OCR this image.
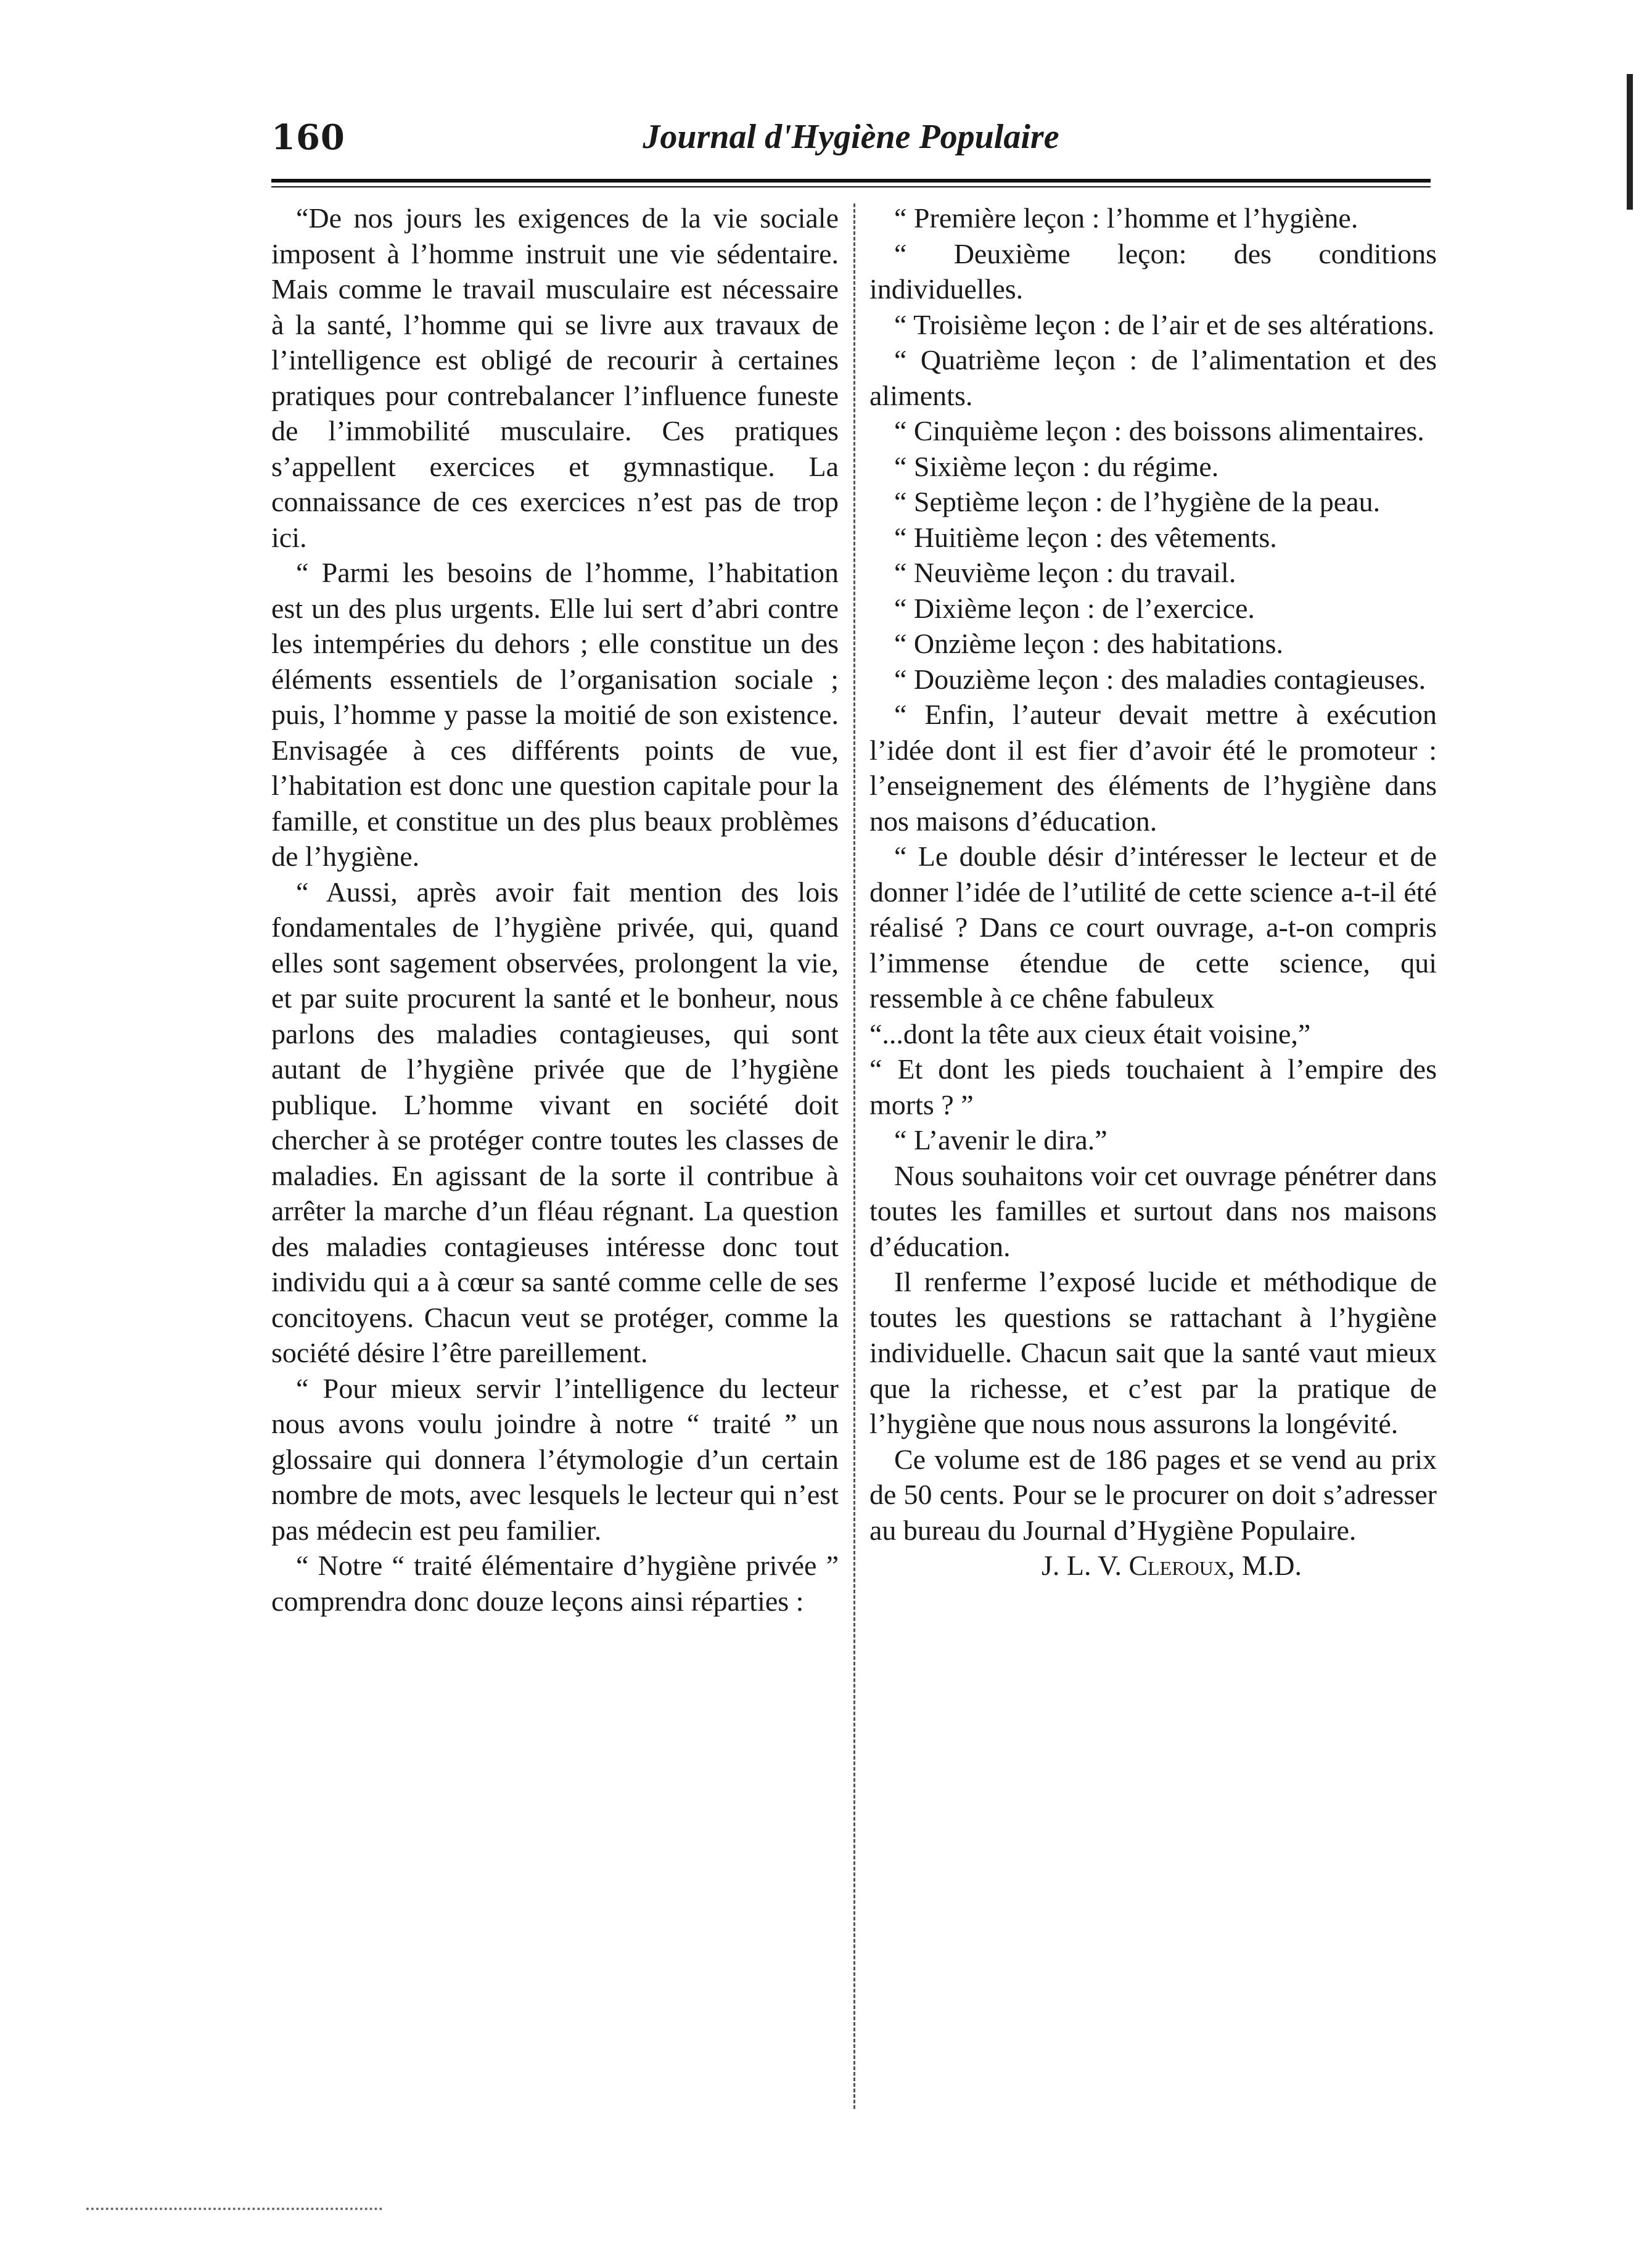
160	Journal d'Hygiène Populaire

“De nos jours les exigences de la vie sociale imposent à l’homme instruit une vie sédentaire. Mais comme le travail musculaire est nécessaire à la santé, l’homme qui se livre aux travaux de l’intelligence est obligé de recourir à certaines pratiques pour contrebalancer l’influence funeste de l’immobilité musculaire. Ces pratiques s’appellent exercices et gymnastique. La connaissance de ces exercices n’est pas de trop ici.

“ Parmi les besoins de l’homme, l’habitation est un des plus urgents. Elle lui sert d’abri contre les intempéries du dehors ; elle constitue un des éléments essentiels de l’organisation sociale ; puis, l’homme y passe la moitié de son existence. Envisagée à ces différents points de vue, l’habitation est donc une question capitale pour la famille, et constitue un des plus beaux problèmes de l’hygiène.

“ Aussi, après avoir fait mention des lois fondamentales de l’hygiène privée, qui, quand elles sont sagement observées, prolongent la vie, et par suite procurent la santé et le bonheur, nous parlons des maladies contagieuses, qui sont autant de l’hygiène privée que de l’hygiène publique. L’homme vivant en société doit chercher à se protéger contre toutes les classes de maladies. En agissant de la sorte il contribue à arrêter la marche d’un fléau régnant. La question des maladies contagieuses intéresse donc tout individu qui a à cœur sa santé comme celle de ses concitoyens. Chacun veut se protéger, comme la société désire l’être pareillement.

“ Pour mieux servir l’intelligence du lecteur nous avons voulu joindre à notre “ traité ” un glossaire qui donnera l’étymologie d’un certain nombre de mots, avec lesquels le lecteur qui n’est pas médecin est peu familier.

“ Notre “ traité élémentaire d’hygiène privée ” comprendra donc douze leçons ainsi réparties :

“ Première leçon : l’homme et l’hygiène.

“ Deuxième leçon: des conditions individuelles.

“ Troisième leçon : de l’air et de ses altérations.

“ Quatrième leçon : de l’alimentation et des aliments.

“ Cinquième leçon : des boissons alimentaires.

“ Sixième leçon : du régime.

“ Septième leçon : de l’hygiène de la peau.

“ Huitième leçon : des vêtements.

“ Neuvième leçon : du travail.

“ Dixième leçon : de l’exercice.

“ Onzième leçon : des habitations.

“ Douzième leçon : des maladies contagieuses.

“ Enfin, l’auteur devait mettre à exécution l’idée dont il est fier d’avoir été le promoteur : l’enseignement des éléments de l’hygiène dans nos maisons d’éducation.

“ Le double désir d’intéresser le lecteur et de donner l’idée de l’utilité de cette science a-t-il été réalisé ? Dans ce court ouvrage, a-t-on compris l’immense étendue de cette science, qui ressemble à ce chêne fabuleux

“...dont la tête aux cieux était voisine,”

“ Et dont les pieds touchaient à l’empire des morts ? ”

“ L’avenir le dira.”

Nous souhaitons voir cet ouvrage pénétrer dans toutes les familles et surtout dans nos maisons d’éducation.

Il renferme l’exposé lucide et méthodique de toutes les questions se rattachant à l’hygiène individuelle. Chacun sait que la santé vaut mieux que la richesse, et c’est par la pratique de l’hygiène que nous nous assurons la longévité.

Ce volume est de 186 pages et se vend au prix de 50 cents. Pour se le procurer on doit s’adresser au bureau du Journal d’Hygiène Populaire.

J. L. V. Cleroux, M.D.
